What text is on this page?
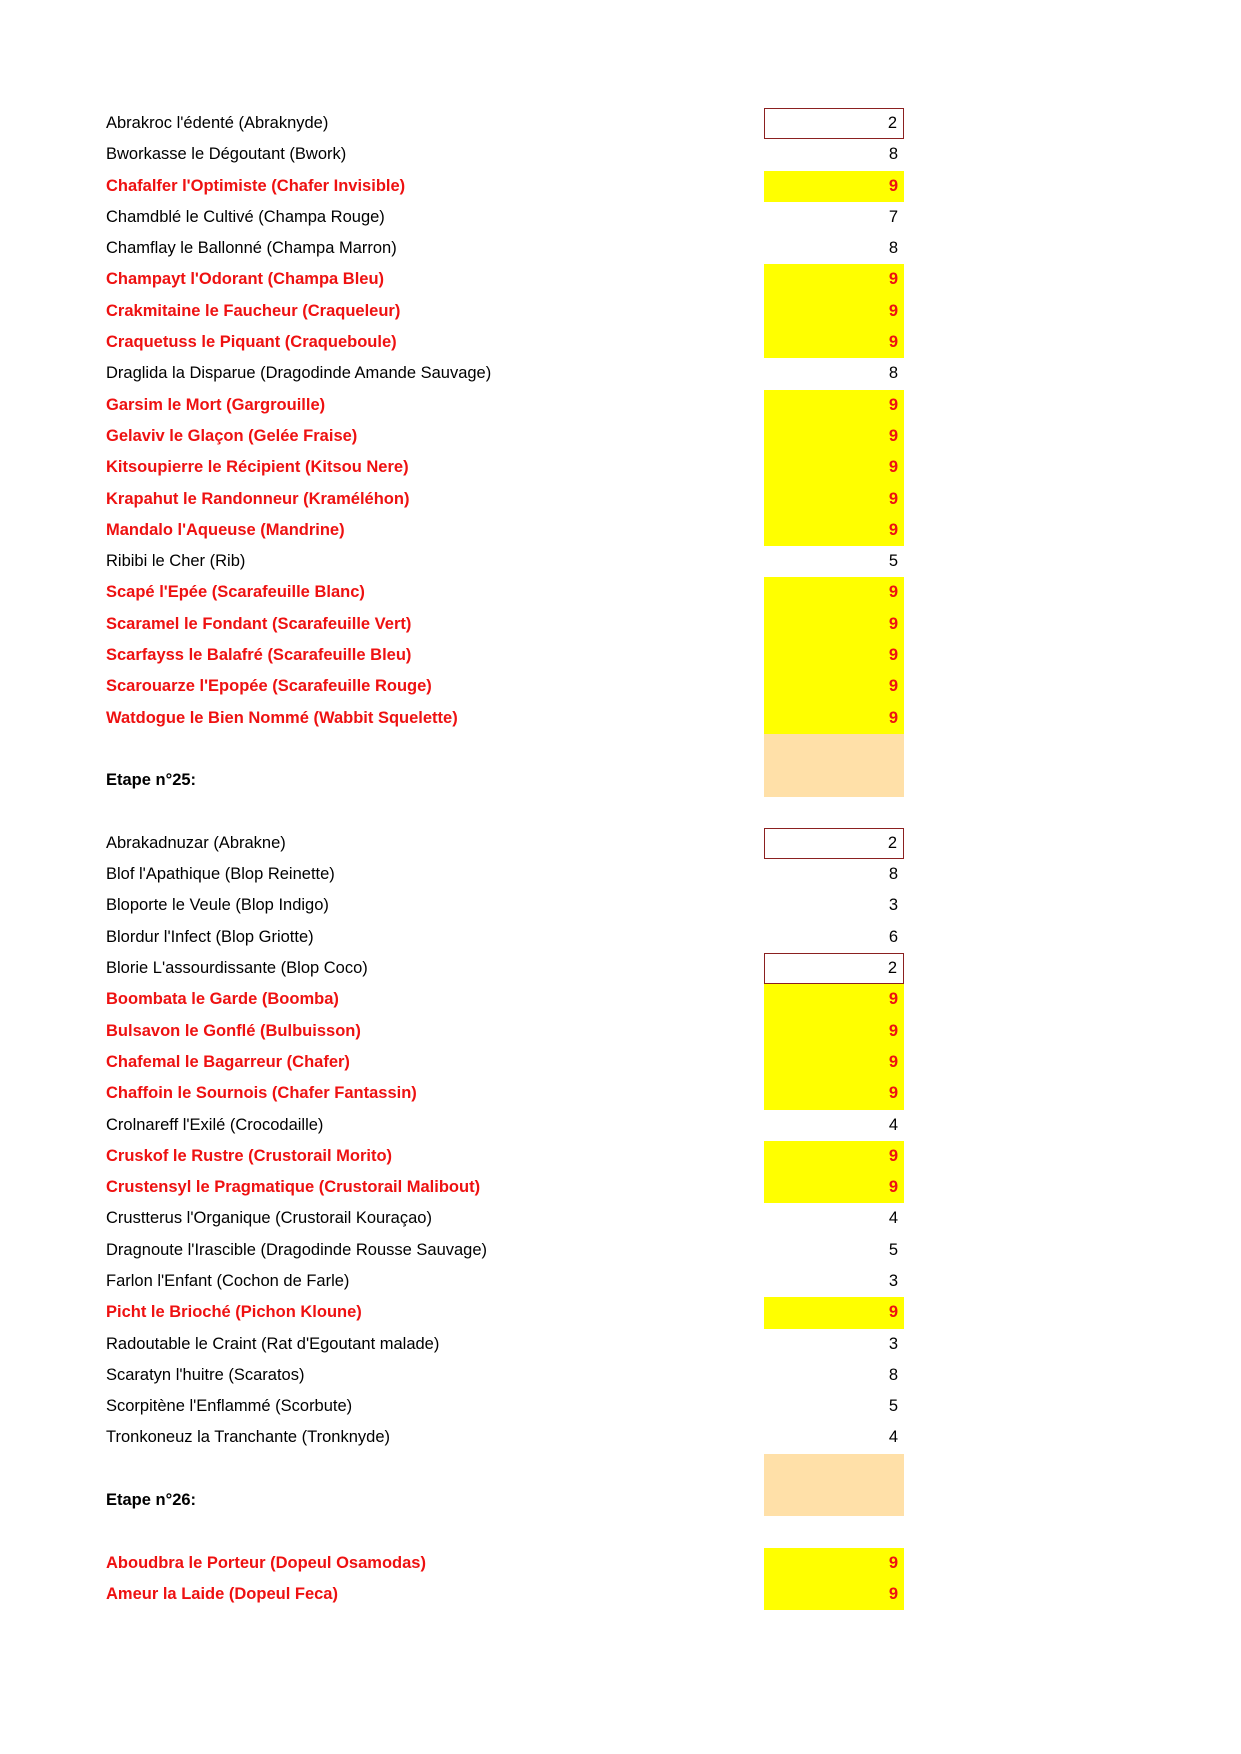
Abrakroc l'édenté (Abraknyde)	2
Bworkasse le Dégoutant (Bwork)	8
Chafalfer l'Optimiste (Chafer Invisible)	9
Chamdblé le Cultivé (Champa Rouge)	7
Chamflay le Ballonné (Champa Marron)	8
Champayt l'Odorant (Champa Bleu)	9
Crakmitaine le Faucheur (Craqueleur)	9
Craquetuss le Piquant (Craqueboule)	9
Draglida la Disparue (Dragodinde Amande Sauvage)	8
Garsim le Mort (Gargrouille)	9
Gelaviv le Glaçon (Gelée Fraise)	9
Kitsoupierre le Récipient (Kitsou Nere)	9
Krapahut le Randonneur (Kraméléhon)	9
Mandalo l'Aqueuse (Mandrine)	9
Ribibi le Cher (Rib)	5
Scapé l'Epée (Scarafeuille Blanc)	9
Scaramel le Fondant (Scarafeuille Vert)	9
Scarfayss le Balafré (Scarafeuille Bleu)	9
Scarouarze l'Epopée (Scarafeuille Rouge)	9
Watdogue le Bien Nommé (Wabbit Squelette)	9
Etape n°25:
Abrakadnuzar (Abrakne)	2
Blof l'Apathique (Blop Reinette)	8
Bloporte le Veule (Blop Indigo)	3
Blordur l'Infect (Blop Griotte)	6
Blorie L'assourdissante (Blop Coco)	2
Boombata le Garde (Boomba)	9
Bulsavon le Gonflé (Bulbuisson)	9
Chafemal le Bagarreur (Chafer)	9
Chaffoin le Sournois (Chafer Fantassin)	9
Crolnareff l'Exilé (Crocodaille)	4
Cruskof le Rustre (Crustorail Morito)	9
Crustensyl le Pragmatique (Crustorail Malibout)	9
Crustterus l'Organique (Crustorail Kouraçao)	4
Dragnoute l'Irascible (Dragodinde Rousse Sauvage)	5
Farlon l'Enfant (Cochon de Farle)	3
Picht le Brioché (Pichon Kloune)	9
Radoutable le Craint (Rat d'Egoutant malade)	3
Scaratyn l'huitre (Scaratos)	8
Scorpitène l'Enflammé (Scorbute)	5
Tronkoneuz la Tranchante (Tronknyde)	4
Etape n°26:
Aboudbra le Porteur (Dopeul Osamodas)	9
Ameur la Laide (Dopeul Feca)	9
